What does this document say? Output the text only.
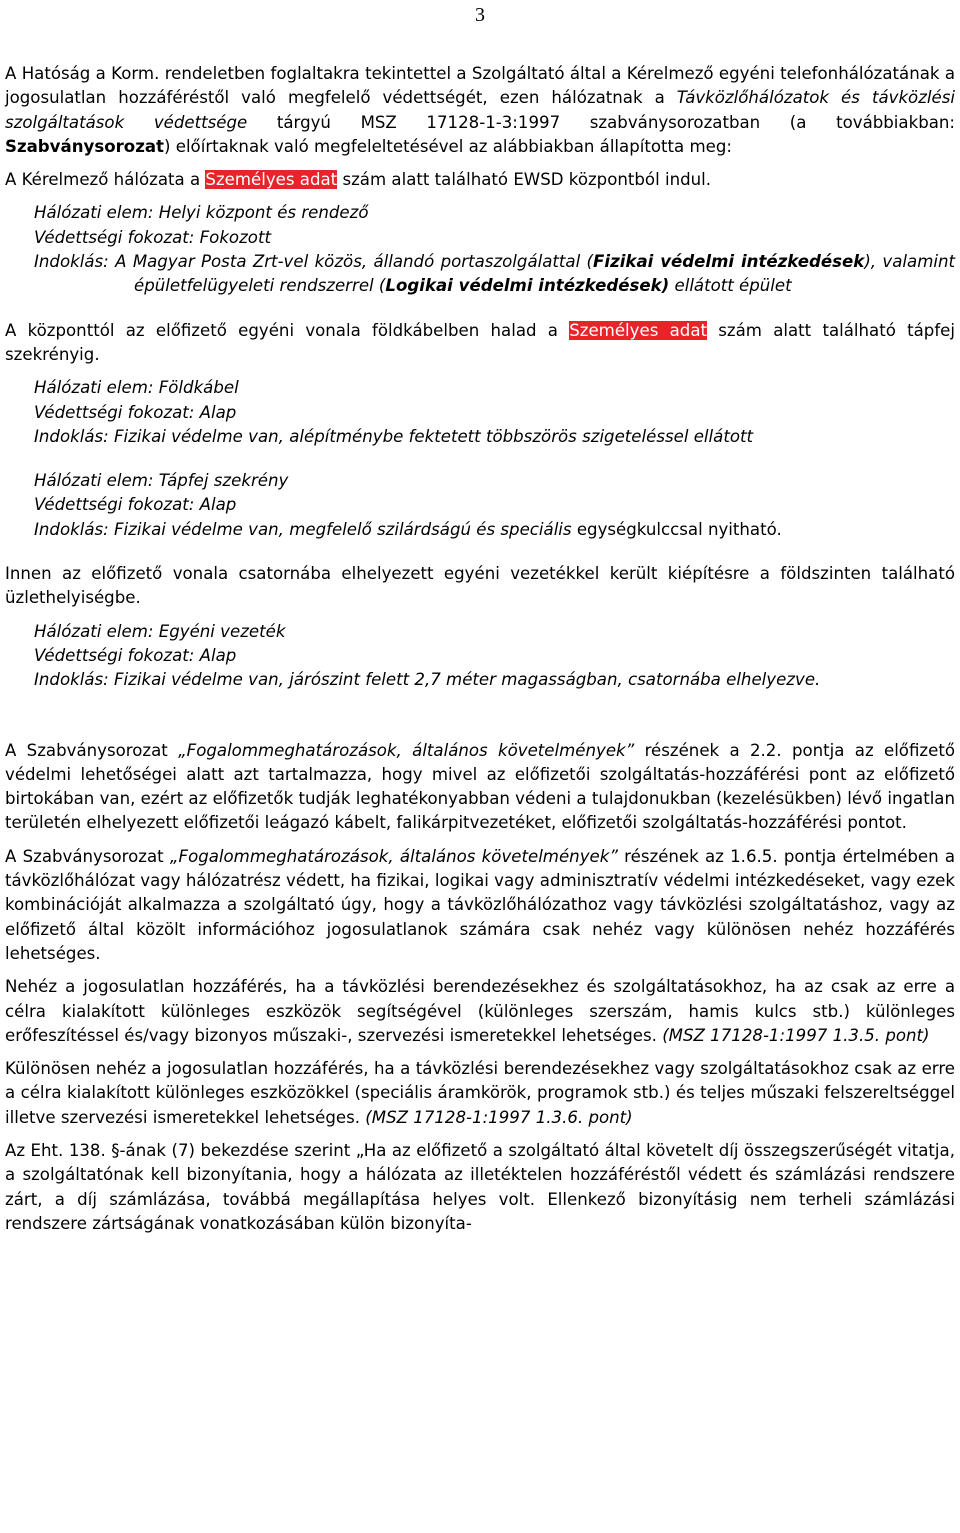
3

A Hatóság a Korm. rendeletben foglaltakra tekintettel a Szolgáltató által a Kérelmező egyéni telefonhálózatának a jogosulatlan hozzáféréstől való megfelelő védettségét, ezen hálózatnak a Távközlőhálózatok és távközlési szolgáltatások védettsége tárgyú MSZ 17128-1-3:1997 szabványsorozatban (a továbbiakban: Szabványsorozat) előírtaknak való megfeleltetésével az alábbiakban állapította meg:

A Kérelmező hálózata a Személyes adat szám alatt található EWSD központból indul.

Hálózati elem: Helyi központ és rendező

Védettségi fokozat: Fokozott

Indoklás: A Magyar Posta Zrt-vel közös, állandó portaszolgálattal (Fizikai védelmi intézkedések), valamint épületfelügyeleti rendszerrel (Logikai védelmi intézkedések) ellátott épület

A központtól az előfizető egyéni vonala földkábelben halad a Személyes adat szám alatt található tápfej szekrényig.

Hálózati elem: Földkábel

Védettségi fokozat: Alap

Indoklás: Fizikai védelme van, alépítménybe fektetett többszörös szigeteléssel ellátott

Hálózati elem: Tápfej szekrény

Védettségi fokozat: Alap

Indoklás: Fizikai védelme van, megfelelő szilárdságú és speciális egységkulccsal nyitható.

Innen az előfizető vonala csatornába elhelyezett egyéni vezetékkel került kiépítésre a földszinten található üzlethelyiségbe.

Hálózati elem: Egyéni vezeték

Védettségi fokozat: Alap

Indoklás: Fizikai védelme van, járószint felett 2,7 méter magasságban, csatornába elhelyezve.

A Szabványsorozat „Fogalommeghatározások, általános követelmények” részének a 2.2. pontja az előfizető védelmi lehetőségei alatt azt tartalmazza, hogy mivel az előfizetői szolgáltatás-hozzáférési pont az előfizető birtokában van, ezért az előfizetők tudják leghatékonyabban védeni a tulajdonukban (kezelésükben) lévő ingatlan területén elhelyezett előfizetői leágazó kábelt, falikárpitvezetéket, előfizetői szolgáltatás-hozzáférési pontot.

A Szabványsorozat „Fogalommeghatározások, általános követelmények” részének az 1.6.5. pontja értelmében a távközlőhálózat vagy hálózatrész védett, ha fizikai, logikai vagy adminisztratív védelmi intézkedéseket, vagy ezek kombinációját alkalmazza a szolgáltató úgy, hogy a távközlőhálózathoz vagy távközlési szolgáltatáshoz, vagy az előfizető által közölt információhoz jogosulatlanok számára csak nehéz vagy különösen nehéz hozzáférés lehetséges.

Nehéz a jogosulatlan hozzáférés, ha a távközlési berendezésekhez és szolgáltatásokhoz, ha az csak az erre a célra kialakított különleges eszközök segítségével (különleges szerszám, hamis kulcs stb.) különleges erőfeszítéssel és/vagy bizonyos műszaki-, szervezési ismeretekkel lehetséges. (MSZ 17128-1:1997 1.3.5. pont)

Különösen nehéz a jogosulatlan hozzáférés, ha a távközlési berendezésekhez vagy szolgáltatásokhoz csak az erre a célra kialakított különleges eszközökkel (speciális áramkörök, programok stb.) és teljes műszaki felszereltséggel illetve szervezési ismeretekkel lehetséges. (MSZ 17128-1:1997 1.3.6. pont)

Az Eht. 138. §-ának (7) bekezdése szerint „Ha az előfizető a szolgáltató által követelt díj összegszerűségét vitatja, a szolgáltatónak kell bizonyítania, hogy a hálózata az illetéktelen hozzáféréstől védett és számlázási rendszere zárt, a díj számlázása, továbbá megállapítása helyes volt. Ellenkező bizonyításig nem terheli számlázási rendszere zártságának vonatkozásában külön bizonyíta-
